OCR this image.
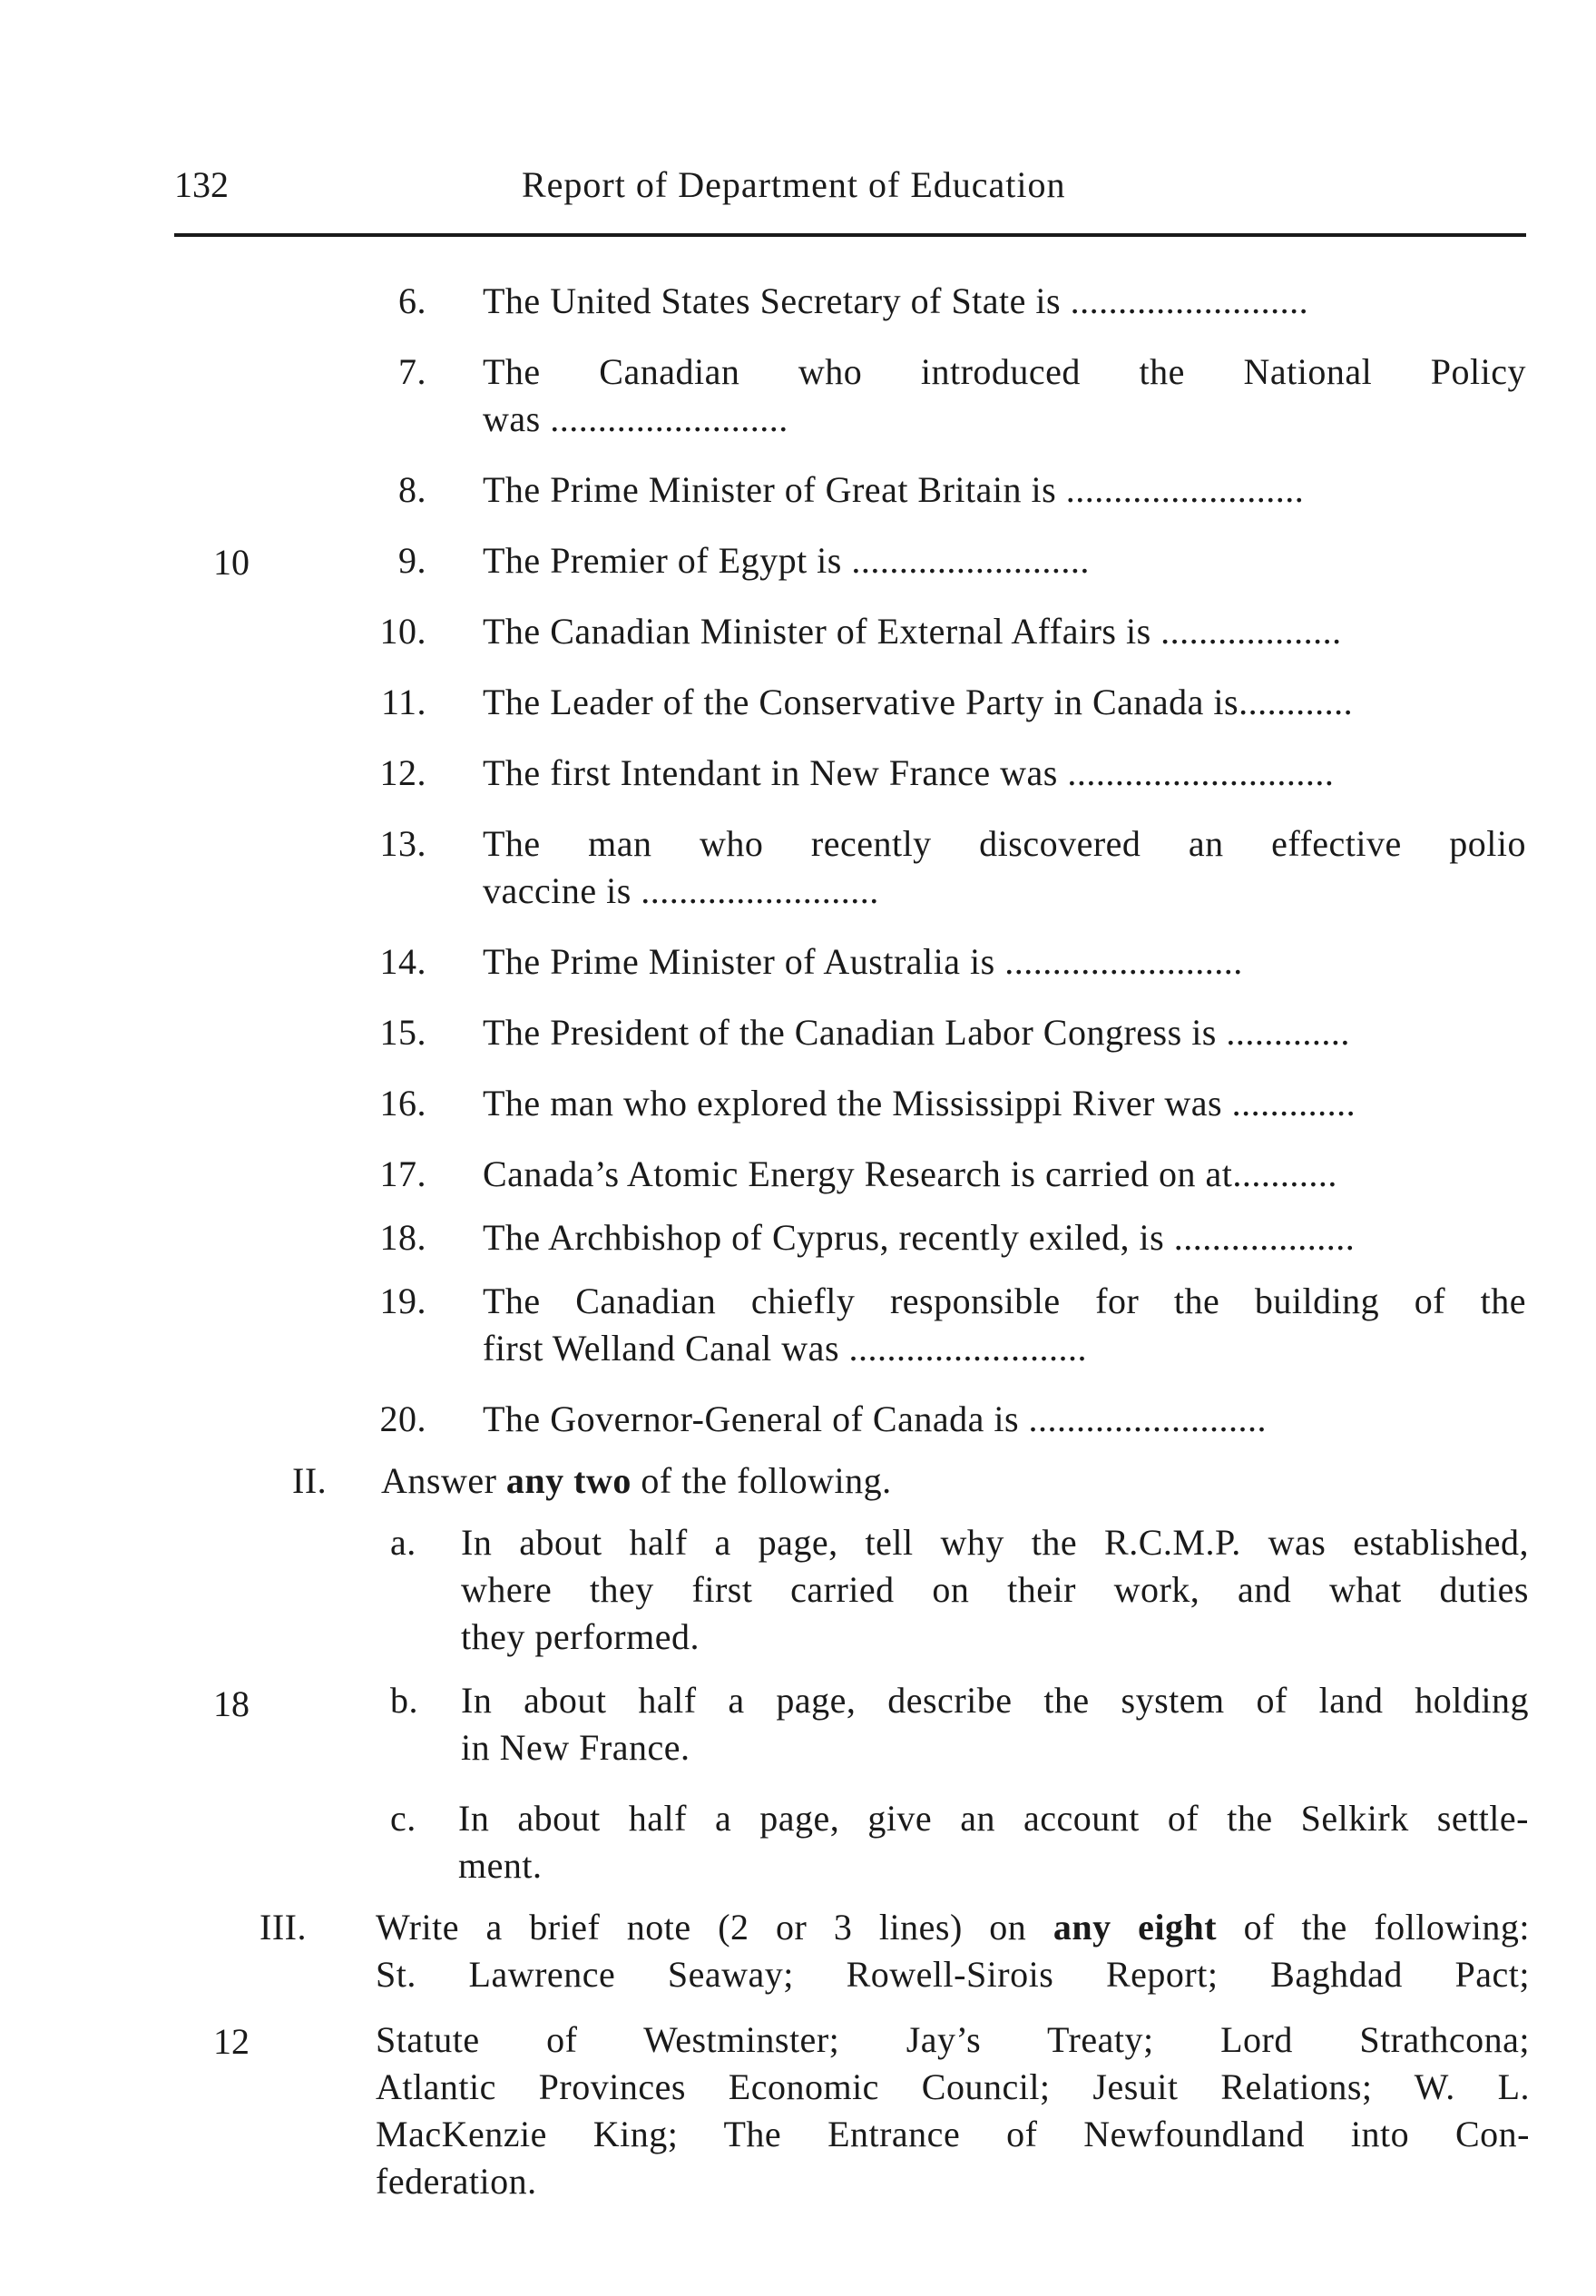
132	Report of Department of Education
10
18
12
6. The United States Secretary of State is .........................
7. The Canadian who introduced the National Policy
was .........................
8. The Prime Minister of Great Britain is .........................
9. The Premier of Egypt is .........................
10. The Canadian Minister of External Affairs is ...................
11. The Leader of the Conservative Party in Canada is............
12. The first Intendant in New France was ............................
13. The man who recently discovered an effective polio
vaccine is .........................
14. The Prime Minister of Australia is .........................
15. The President of the Canadian Labor Congress is .............
16. The man who explored the Mississippi River was .............
17. Canada’s Atomic Energy Research is carried on at...........
18. The Archbishop of Cyprus, recently exiled, is ...................
19. The Canadian chiefly responsible for the building of the
first Welland Canal was .........................
20. The Governor-General of Canada is .........................
II. Answer any two of the following.
a. In about half a page, tell why the R.C.M.P. was established,
where they first carried on their work, and what duties
they performed.
b. In about half a page, describe the system of land holding
in New France.
c. In about half a page, give an account of the Selkirk settle-
ment.
III. Write a brief note (2 or 3 lines) on any eight of the following:
St. Lawrence Seaway; Rowell-Sirois Report; Baghdad Pact;
Statute of Westminster; Jay’s Treaty; Lord Strathcona;
Atlantic Provinces Economic Council; Jesuit Relations; W. L.
MacKenzie King; The Entrance of Newfoundland into Con-
federation.
